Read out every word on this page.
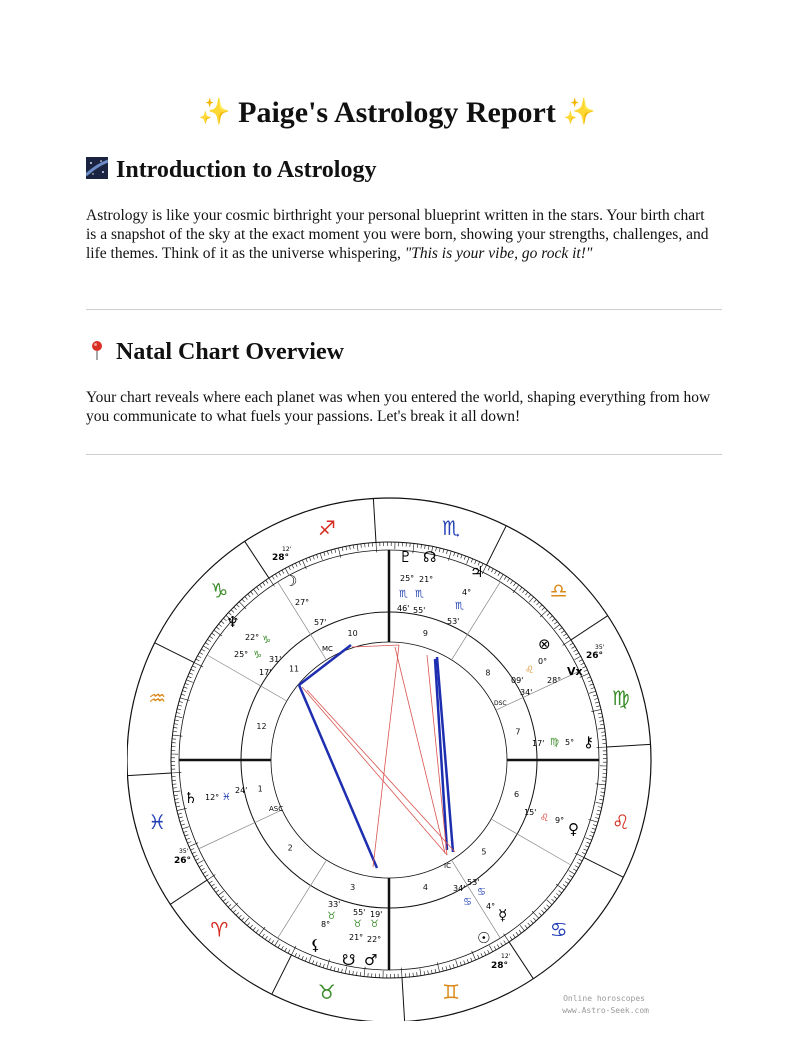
✨ Paige's Astrology Report ✨
Introduction to Astrology

Astrology is like your cosmic birthright your personal blueprint written in the stars. Your birth chart is a snapshot of the sky at the exact moment you were born, showing your strengths, challenges, and life themes. Think of it as the universe whispering, "This is your vibe, go rock it!"

Natal Chart Overview

Your chart reveals where each planet was when you entered the world, shaping everything from how you communicate to what fuels your passions. Let's break it all down!

♐	♏
♎
♍
♌
♋
♊
♉
♈
♓
♒
♑
1
2
3	4
5
6
7
8
9
10
11
12
ASC
26°
35'
MC
28°
12'
DSC
26°
35'
IC
28°
12'
Vx
♇ ☊
♃
☽
♆
⊗
⚷
♀
♄
☿
☉
⚸
♂
☋
27°
57'
22°
25°
31'
17'
25° 21°
46' 55'
4°
53'
0°
09'	28°
34'
17'	5°
15'
9°
12°
24'
53'
4°
34'
33'
8°
55' 19'
21° 22°
♏ ♏
♏
♑
♑
♌
♍
♌
♓
♋
♋
♉
♉ ♉
Online horoscopes
www.Astro-Seek.com
